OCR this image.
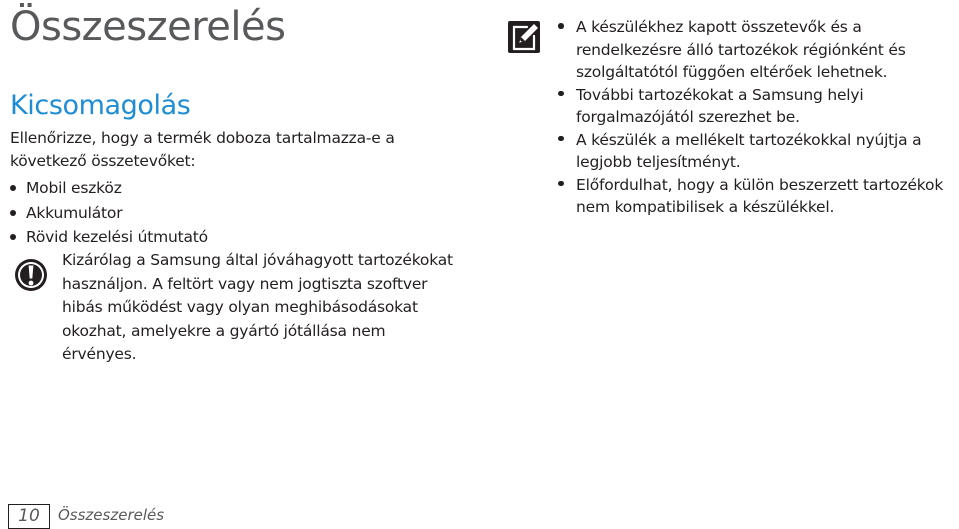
Összeszerelés
Kicsomagolás

Ellenőrizze, hogy a termék doboza tartalmazza-e a következő összetevőket:

Mobil eszköz
Akkumulátor
Rövid kezelési útmutató

Kizárólag a Samsung által jóváhagyott tartozékokat használjon. A feltört vagy nem jogtiszta szoftver hibás működést vagy olyan meghibásodásokat okozhat, amelyekre a gyártó jótállása nem érvényes.

A készülékhez kapott összetevők és a rendelkezésre álló tartozékok régiónként és szolgáltatótól függően eltérőek lehetnek.
További tartozékokat a Samsung helyi forgalmazójától szerezhet be.
A készülék a mellékelt tartozékokkal nyújtja a legjobb teljesítményt.
Előfordulhat, hogy a külön beszerzett tartozékok nem kompatibilisek a készülékkel.
10	Összeszerelés
